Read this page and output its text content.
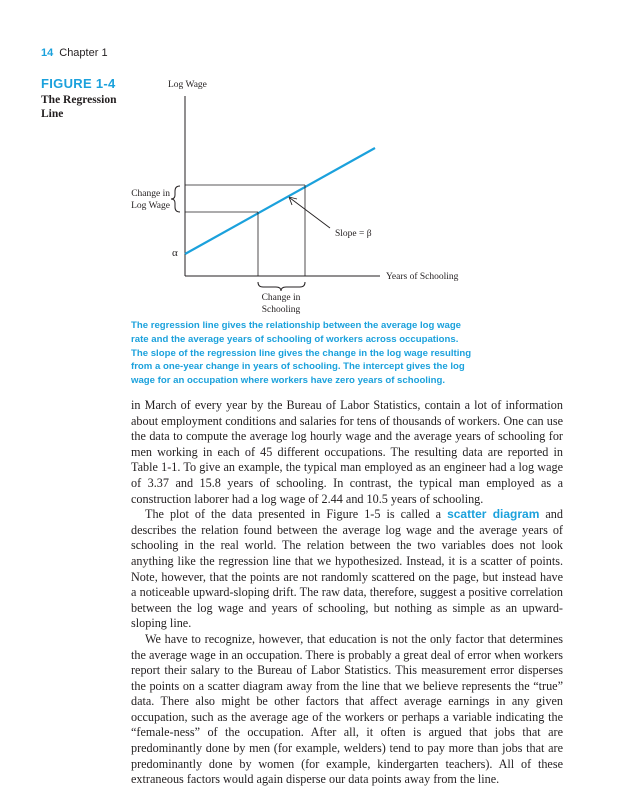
14 Chapter 1
FIGURE 1-4
The Regression Line
Log Wage
Years of Schooling
Change in
Log Wage
Change in
Schooling
Slope = β
α
The regression line gives the relationship between the average log wage rate and the average years of schooling of workers across occupations. The slope of the regression line gives the change in the log wage resulting from a one-year change in years of schooling. The intercept gives the log wage for an occupation where workers have zero years of schooling.

in March of every year by the Bureau of Labor Statistics, contain a lot of information about employment conditions and salaries for tens of thousands of workers. One can use the data to compute the average log hourly wage and the average years of schooling for men working in each of 45 different occupations. The resulting data are reported in Table 1-1. To give an example, the typical man employed as an engineer had a log wage of 3.37 and 15.8 years of schooling. In contrast, the typical man employed as a construction laborer had a log wage of 2.44 and 10.5 years of schooling.

The plot of the data presented in Figure 1-5 is called a scatter diagram and describes the relation found between the average log wage and the average years of schooling in the real world. The relation between the two variables does not look anything like the regression line that we hypothesized. Instead, it is a scatter of points. Note, however, that the points are not randomly scattered on the page, but instead have a noticeable upward-sloping drift. The raw data, therefore, suggest a positive correlation between the log wage and years of schooling, but nothing as simple as an upward-sloping line.

We have to recognize, however, that education is not the only factor that determines the average wage in an occupation. There is probably a great deal of error when workers report their salary to the Bureau of Labor Statistics. This measurement error disperses the points on a scatter diagram away from the line that we believe represents the “true” data. There also might be other factors that affect average earnings in any given occupation, such as the average age of the workers or perhaps a variable indicating the “female-ness” of the occupation. After all, it often is argued that jobs that are predominantly done by men (for example, welders) tend to pay more than jobs that are predominantly done by women (for example, kindergarten teachers). All of these extraneous factors would again disperse our data points away from the line.
